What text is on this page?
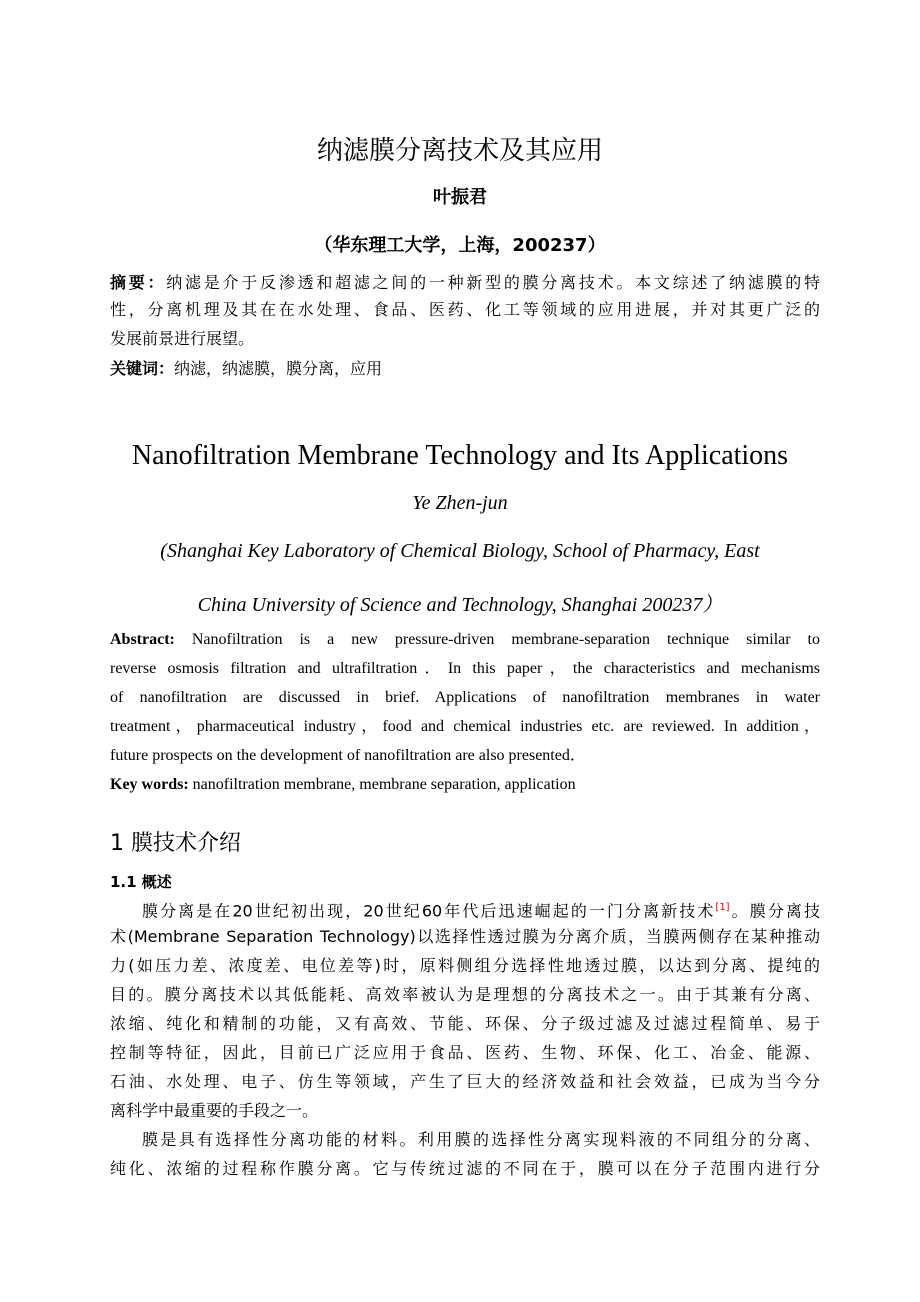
纳滤膜分离技术及其应用
叶振君
（华东理工大学，上海，200237）
摘要：纳滤是介于反渗透和超滤之间的一种新型的膜分离技术。本文综述了纳滤膜的特
性，分离机理及其在在水处理、食品、医药、化工等领域的应用进展，并对其更广泛的
发展前景进行展望。
关键词：纳滤，纳滤膜，膜分离，应用
Nanofiltration Membrane Technology and Its Applications
Ye Zhen-jun
(Shanghai Key Laboratory of Chemical Biology, School of Pharmacy, East
China University of Science and Technology, Shanghai 200237）
Abstract: Nanofiltration is a new pressure-driven membrane-separation technique similar to
reverse osmosis filtration and ultrafiltration．In this paper，the characteristics and mechanisms
of nanofiltration are discussed in brief. Applications of nanofiltration membranes in water
treatment，pharmaceutical industry，food and chemical industries etc. are reviewed. In addition，
future prospects on the development of nanofiltration are also presented．
Key words: nanofiltration membrane, membrane separation, application
1 膜技术介绍
1.1 概述
膜分离是在20世纪初出现，20世纪60年代后迅速崛起的一门分离新技术[1]。膜分离技
术(Membrane Separation Technology)以选择性透过膜为分离介质，当膜两侧存在某种推动
力(如压力差、浓度差、电位差等)时，原料侧组分选择性地透过膜，以达到分离、提纯的
目的。膜分离技术以其低能耗、高效率被认为是理想的分离技术之一。由于其兼有分离、
浓缩、纯化和精制的功能，又有高效、节能、环保、分子级过滤及过滤过程简单、易于
控制等特征，因此，目前已广泛应用于食品、医药、生物、环保、化工、冶金、能源、
石油、水处理、电子、仿生等领域，产生了巨大的经济效益和社会效益，已成为当今分
离科学中最重要的手段之一。
膜是具有选择性分离功能的材料。利用膜的选择性分离实现料液的不同组分的分离、
纯化、浓缩的过程称作膜分离。它与传统过滤的不同在于，膜可以在分子范围内进行分
